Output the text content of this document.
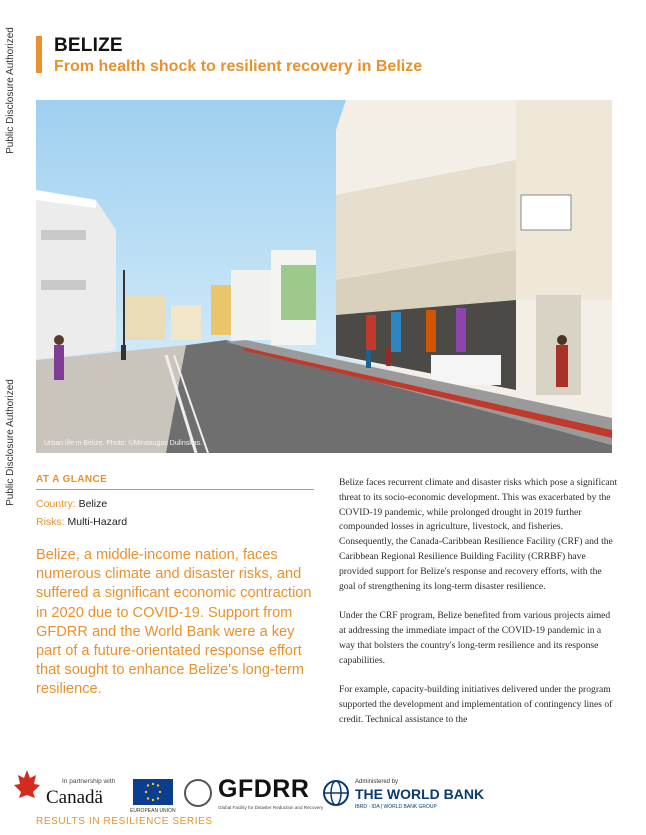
Public Disclosure Authorized
Public Disclosure Authorized
BELIZE
From health shock to resilient recovery in Belize
Urban life in Belize. Photo: ©Mindaugas Dulinskas.
AT A GLANCE
Country: Belize
Risks: Multi-Hazard
Belize, a middle-income nation, faces numerous climate and disaster risks, and suffered a significant economic contraction in 2020 due to COVID-19. Support from GFDRR and the World Bank were a key part of a future-orientated response effort that sought to enhance Belize's long-term resilience.

Belize faces recurrent climate and disaster risks which pose a significant threat to its socio-economic development. This was exacerbated by the COVID-19 pandemic, while prolonged drought in 2019 further compounded losses in agriculture, livestock, and fisheries. Consequently, the Canada-Caribbean Resilience Facility (CRF) and the Caribbean Regional Resilience Building Facility (CRRBF) have provided support for Belize's response and recovery efforts, with the goal of strengthening its long-term disaster resilience.

Under the CRF program, Belize benefited from various projects aimed at addressing the immediate impact of the COVID-19 pandemic in a way that bolsters the country's long-term resilience and its response capabilities.

For example, capacity-building initiatives delivered under the program supported the development and implementation of contingency lines of credit. Technical assistance to the

In partnership with
Canadä
EUROPEAN UNION
GFDRR
Global Facility for Disaster Reduction and Recovery
Administered by
THE WORLD BANK
IBRD · IDA | WORLD BANK GROUP
RESULTS IN RESILIENCE SERIES
